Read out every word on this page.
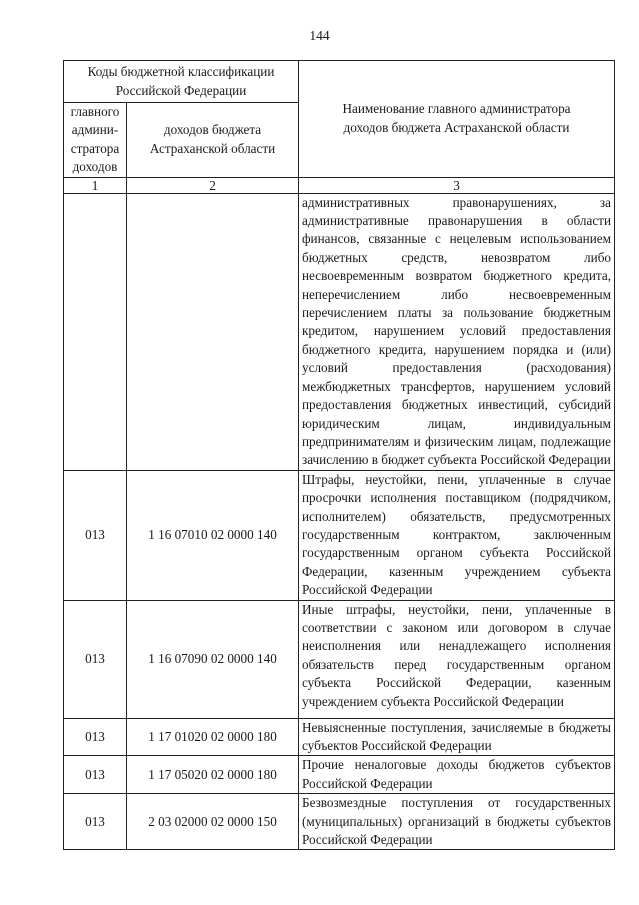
144
Коды бюджетной классификации Российской Федерации		Наименование главного администратора доходов бюджета Астраханской области
главного админи-стратора доходов	доходов бюджета Астраханской области	
1	2	3
		административных правонарушениях, за административные правонарушения в области финансов, связанные с нецелевым использованием бюджетных средств, невозвратом либо несвоевременным возвратом бюджетного кредита, неперечислением либо несвоевременным перечислением платы за пользование бюджетным кредитом, нарушением условий предоставления бюджетного кредита, нарушением порядка и (или) условий предоставления (расходования) межбюджетных трансфертов, нарушением условий предоставления бюджетных инвестиций, субсидий юридическим лицам, индивидуальным предпринимателям и физическим лицам, подлежащие зачислению в бюджет субъекта Российской Федерации
013	1 16 07010 02 0000 140	Штрафы, неустойки, пени, уплаченные в случае просрочки исполнения поставщиком (подрядчиком, исполнителем) обязательств, предусмотренных государственным контрактом, заключенным государственным органом субъекта Российской Федерации, казенным учреждением субъекта Российской Федерации
013	1 16 07090 02 0000 140	Иные штрафы, неустойки, пени, уплаченные в соответствии с законом или договором в случае неисполнения или ненадлежащего исполнения обязательств перед государственным органом субъекта Российской Федерации, казенным учреждением субъекта Российской Федерации
013	1 17 01020 02 0000 180	Невыясненные поступления, зачисляемые в бюджеты субъектов Российской Федерации
013	1 17 05020 02 0000 180	Прочие неналоговые доходы бюджетов субъектов Российской Федерации
013	2 03 02000 02 0000 150	Безвозмездные поступления от государственных (муниципальных) организаций в бюджеты субъектов Российской Федерации
